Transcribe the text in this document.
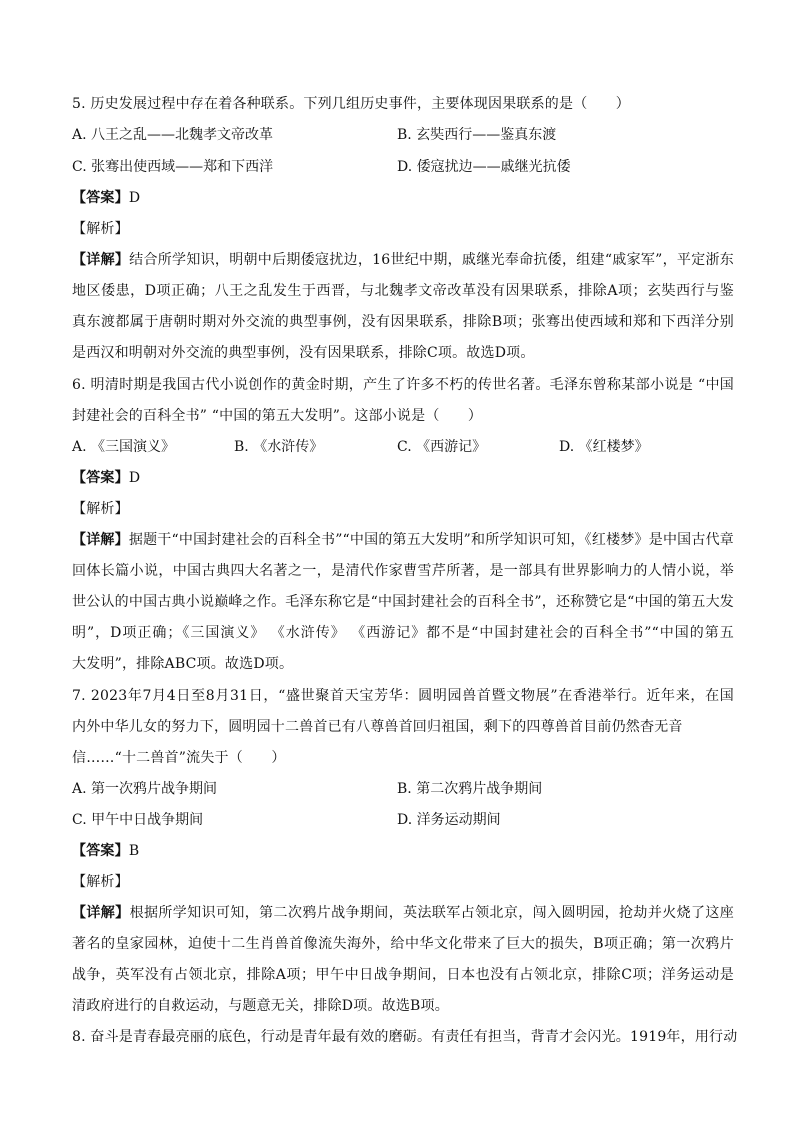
5. 历史发展过程中存在着各种联系。下列几组历史事件，主要体现因果联系的是（　　）
A. 八王之乱——北魏孝文帝改革	B. 玄奘西行——鉴真东渡
C. 张骞出使西域——郑和下西洋	D. 倭寇扰边——戚继光抗倭
【答案】D
【解析】
【详解】结合所学知识，明朝中后期倭寇扰边，16世纪中期，戚继光奉命抗倭，组建“戚家军”，平定浙东
地区倭患，D项正确；八王之乱发生于西晋，与北魏孝文帝改革没有因果联系，排除A项；玄奘西行与鉴
真东渡都属于唐朝时期对外交流的典型事例，没有因果联系，排除B项；张骞出使西域和郑和下西洋分别
是西汉和明朝对外交流的典型事例，没有因果联系，排除C项。故选D项。
6. 明清时期是我国古代小说创作的黄金时期，产生了许多不朽的传世名著。毛泽东曾称某部小说是 “中国
封建社会的百科全书” “中国的第五大发明”。这部小说是（　　）
A. 《三国演义》	B. 《水浒传》	C. 《西游记》	D. 《红楼梦》
【答案】D
【解析】
【详解】据题干“中国封建社会的百科全书”“中国的第五大发明”和所学知识可知，《红楼梦》是中国古代章
回体长篇小说，中国古典四大名著之一，是清代作家曹雪芹所著，是一部具有世界影响力的人情小说，举
世公认的中国古典小说巅峰之作。毛泽东称它是“中国封建社会的百科全书”，还称赞它是“中国的第五大发
明”，D项正确；《三国演义》 《水浒传》 《西游记》都不是“中国封建社会的百科全书”“中国的第五
大发明”，排除ABC项。故选D项。
7. 2023年7月4日至8月31日，“盛世聚首天宝芳华：圆明园兽首暨文物展”在香港举行。近年来，在国
内外中华儿女的努力下，圆明园十二兽首已有八尊兽首回归祖国，剩下的四尊兽首目前仍然杳无音
信……“十二兽首”流失于（　　）
A. 第一次鸦片战争期间	B. 第二次鸦片战争期间
C. 甲午中日战争期间	D. 洋务运动期间
【答案】B
【解析】
【详解】根据所学知识可知，第二次鸦片战争期间，英法联军占领北京，闯入圆明园，抢劫并火烧了这座
著名的皇家园林，迫使十二生肖兽首像流失海外，给中华文化带来了巨大的损失，B项正确；第一次鸦片
战争，英军没有占领北京，排除A项；甲午中日战争期间，日本也没有占领北京，排除C项；洋务运动是
清政府进行的自救运动，与题意无关，排除D项。故选B项。
8. 奋斗是青春最亮丽的底色，行动是青年最有效的磨砺。有责任有担当，背青才会闪光。1919年，用行动
